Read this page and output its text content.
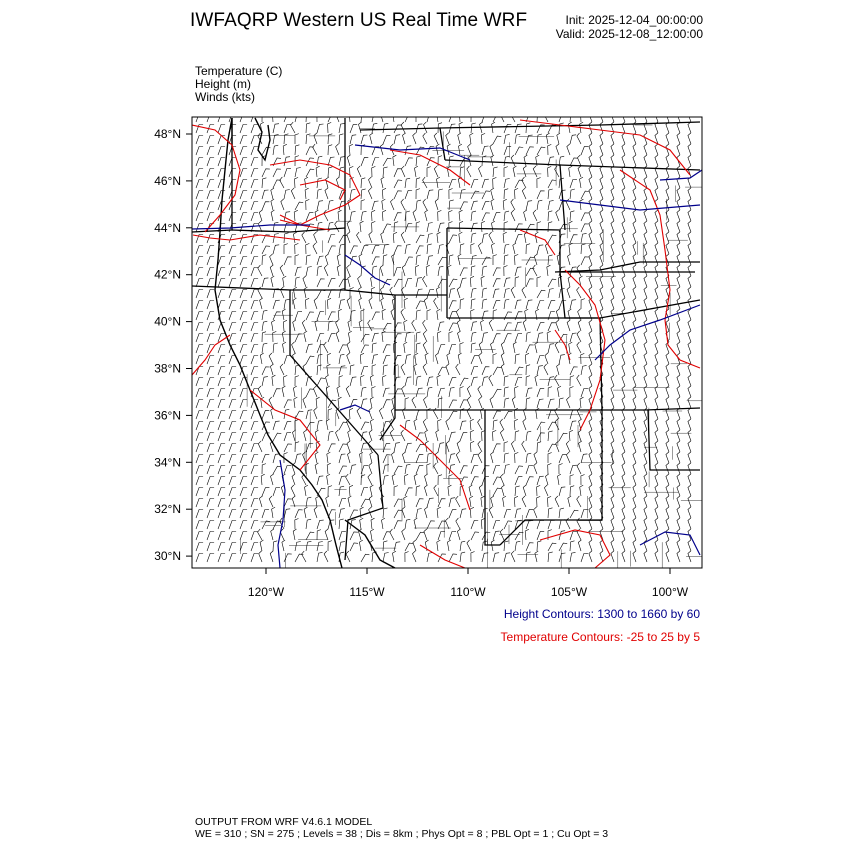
IWFAQRP Western US Real Time WRF	Init: 2025-12-04_00:00:00
Valid: 2025-12-08_12:00:00
Temperature (C)
Height (m)
Winds (kts)
48°N
46°N
44°N
42°N
40°N
38°N
36°N
34°N
32°N
30°N
120°W	115°W	110°W	105°W	100°W
Height Contours: 1300 to 1660 by 60
Temperature Contours: -25 to 25 by 5
OUTPUT FROM WRF V4.6.1 MODEL
WE = 310 ; SN = 275 ; Levels = 38 ; Dis = 8km ; Phys Opt = 8 ; PBL Opt = 1 ; Cu Opt = 3
